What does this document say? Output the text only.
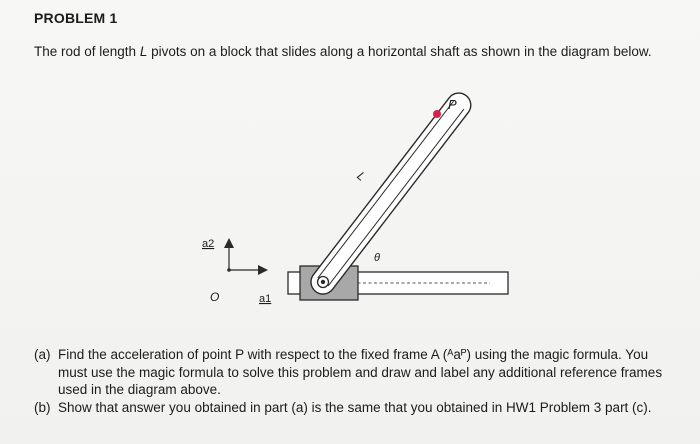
PROBLEM 1
The rod of length L pivots on a block that slides along a horizontal shaft as shown in the diagram below.
P
L
θ
a2
a1
O
(a) Find the acceleration of point P with respect to the fixed frame A (ᴬaᴾ) using the magic formula. You must use the magic formula to solve this problem and draw and label any additional reference frames used in the diagram above.
(b) Show that answer you obtained in part (a) is the same that you obtained in HW1 Problem 3 part (c).
